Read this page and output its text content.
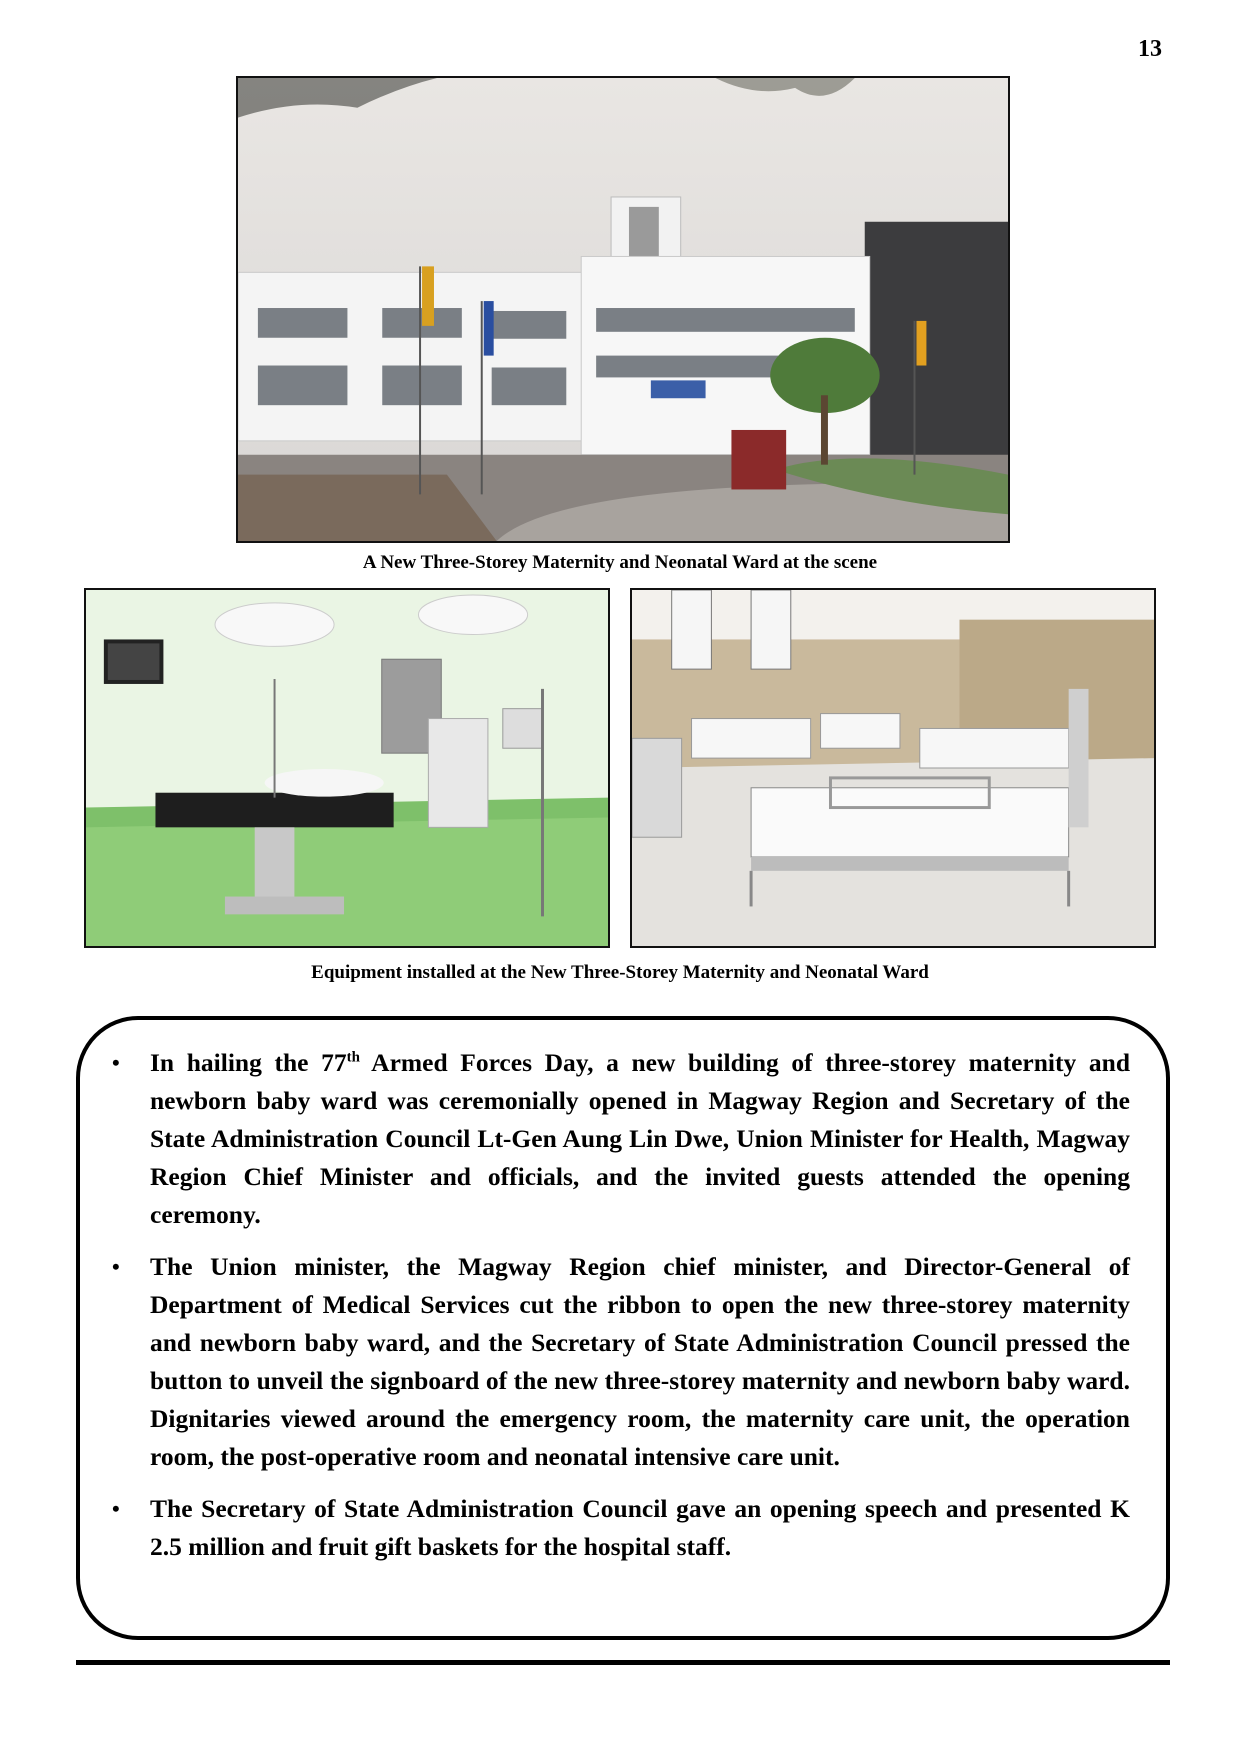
13
A New Three-Storey Maternity and Neonatal Ward at the scene
Equipment installed at the New Three-Storey Maternity and Neonatal Ward
• In hailing the 77th Armed Forces Day, a new building of three-storey maternity and newborn baby ward was ceremonially opened in Magway Region and Secretary of the State Administration Council Lt-Gen Aung Lin Dwe, Union Minister for Health, Magway Region Chief Minister and officials, and the invited guests attended the opening ceremony.
• The Union minister, the Magway Region chief minister, and Director-General of Department of Medical Services cut the ribbon to open the new three-storey maternity and newborn baby ward, and the Secretary of State Administration Council pressed the button to unveil the signboard of the new three-storey maternity and newborn baby ward. Dignitaries viewed around the emergency room, the maternity care unit, the operation room, the post-operative room and neonatal intensive care unit.
• The Secretary of State Administration Council gave an opening speech and presented K 2.5 million and fruit gift baskets for the hospital staff.
